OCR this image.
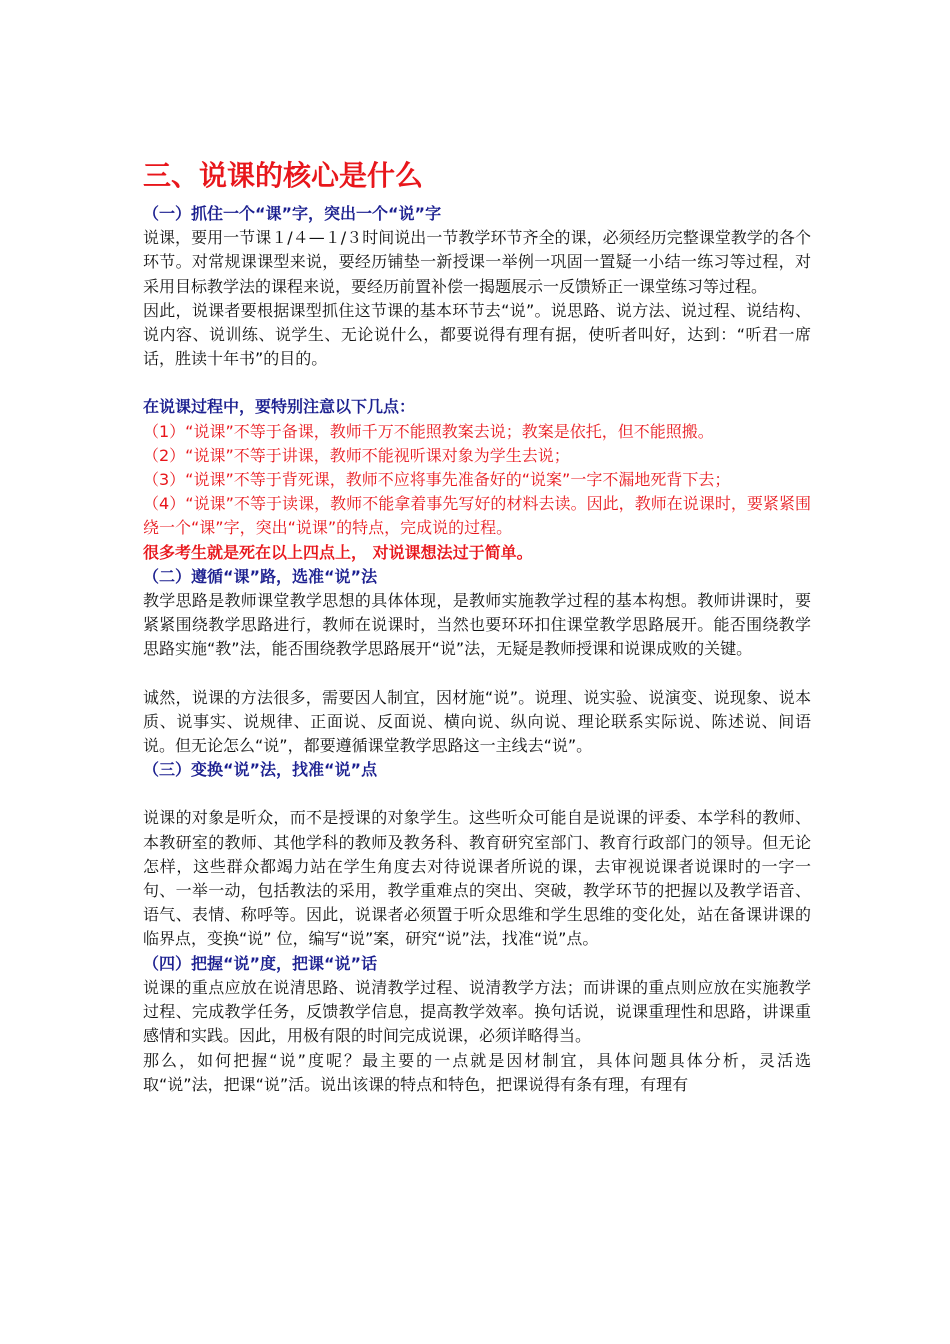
三、说课的核心是什么

（一）抓住一个“课”字，突出一个“说”字

说课，要用一节课１/４—１/３时间说出一节教学环节齐全的课，必须经历完整课堂教学的各个环节。对常规课课型来说，要经历铺垫一新授课一举例一巩固一置疑一小结一练习等过程，对采用目标教学法的课程来说，要经历前置补偿一揭题展示一反馈矫正一课堂练习等过程。

因此，说课者要根据课型抓住这节课的基本环节去“说”。说思路、说方法、说过程、说结构、说内容、说训练、说学生、无论说什么，都要说得有理有据，使听者叫好，达到：“听君一席话，胜读十年书”的目的。

在说课过程中，要特别注意以下几点：

（1）“说课”不等于备课，教师千万不能照教案去说；教案是依托，但不能照搬。

（2）“说课”不等于讲课，教师不能视听课对象为学生去说；

（3）“说课”不等于背死课，教师不应将事先准备好的“说案”一字不漏地死背下去；

（4）“说课”不等于读课，教师不能拿着事先写好的材料去读。因此，教师在说课时，要紧紧围绕一个“课”字，突出“说课”的特点，完成说的过程。

很多考生就是死在以上四点上， 对说课想法过于简单。

（二）遵循“课”路，选准“说”法

教学思路是教师课堂教学思想的具体体现，是教师实施教学过程的基本构想。教师讲课时，要紧紧围绕教学思路进行，教师在说课时，当然也要环环扣住课堂教学思路展开。能否围绕教学思路实施“教”法，能否围绕教学思路展开“说”法，无疑是教师授课和说课成败的关键。

诚然，说课的方法很多，需要因人制宜，因材施“说”。说理、说实验、说演变、说现象、说本质、说事实、说规律、正面说、反面说、横向说、纵向说、理论联系实际说、陈述说、间语说。但无论怎么“说”，都要遵循课堂教学思路这一主线去“说”。

（三）变换“说”法，找准“说”点

说课的对象是听众，而不是授课的对象学生。这些听众可能自是说课的评委、本学科的教师、本教研室的教师、其他学科的教师及教务科、教育研究室部门、教育行政部门的领导。但无论怎样，这些群众都竭力站在学生角度去对待说课者所说的课，去审视说课者说课时的一字一句、一举一动，包括教法的采用，教学重难点的突出、突破，教学环节的把握以及教学语音、语气、表情、称呼等。因此，说课者必须置于听众思维和学生思维的变化处，站在备课讲课的临界点，变换“说” 位，编写“说”案，研究“说”法，找准“说”点。

（四）把握“说”度，把课“说”话

说课的重点应放在说清思路、说清教学过程、说清教学方法；而讲课的重点则应放在实施教学过程、完成教学任务，反馈教学信息，提高教学效率。换句话说，说课重理性和思路，讲课重感情和实践。因此，用极有限的时间完成说课，必须详略得当。

那么，如何把握“说”度呢？最主要的一点就是因材制宜，具体问题具体分析，灵活选取“说”法，把课“说”活。说出该课的特点和特色，把课说得有条有理，有理有
